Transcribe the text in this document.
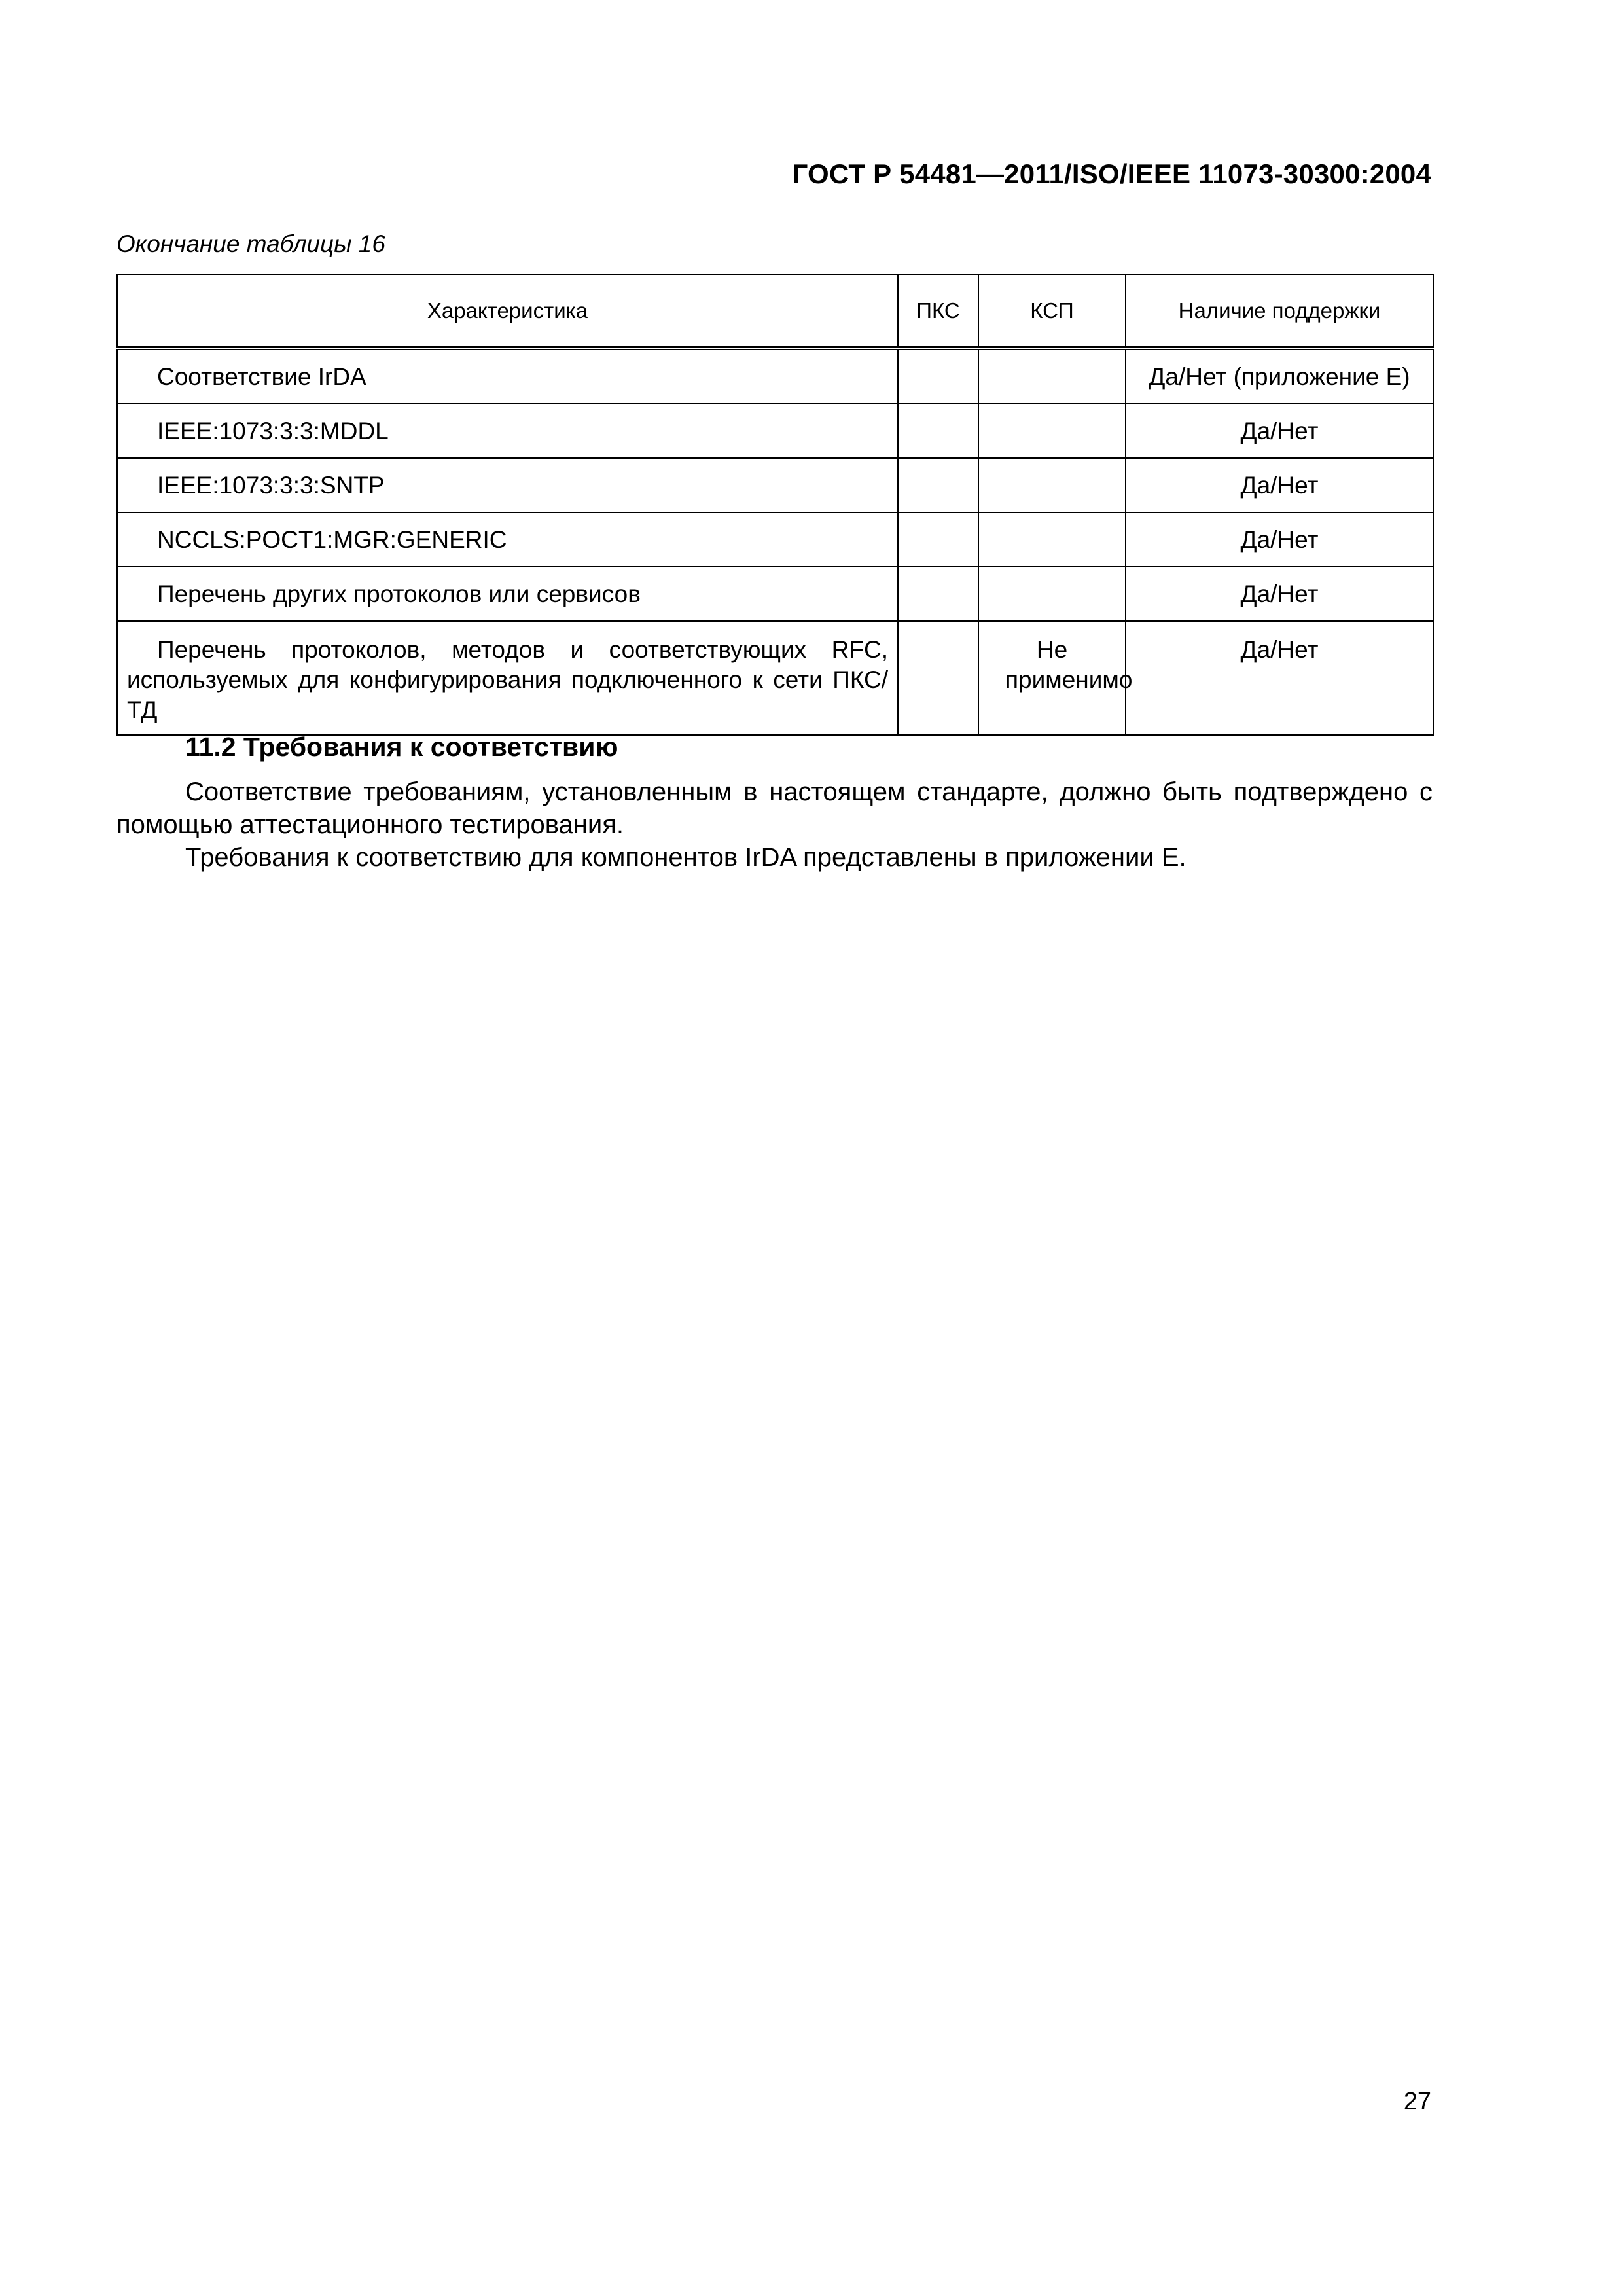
ГОСТ Р 54481—2011/ISO/IEEE 11073-30300:2004
Окончание таблицы 16
Характеристика	ПКС	КСП	Наличие поддержки
Соответствие IrDA			Да/Нет (приложение Е)
IEEE:1073:3:3:MDDL			Да/Нет
IEEE:1073:3:3:SNTP			Да/Нет
NCCLS:POCT1:MGR:GENERIC			Да/Нет
Перечень других протоколов или сервисов			Да/Нет
Перечень протоколов, методов и соответствующих RFC, используемых для конфигурирования подключенного к сети ПКС/ТД		Не применимо	Да/Нет
11.2 Требования к соответствию
Соответствие требованиям, установленным в настоящем стандарте, должно быть подтверждено с помощью аттестационного тестирования.
Требования к соответствию для компонентов IrDA представлены в приложении Е.
27
